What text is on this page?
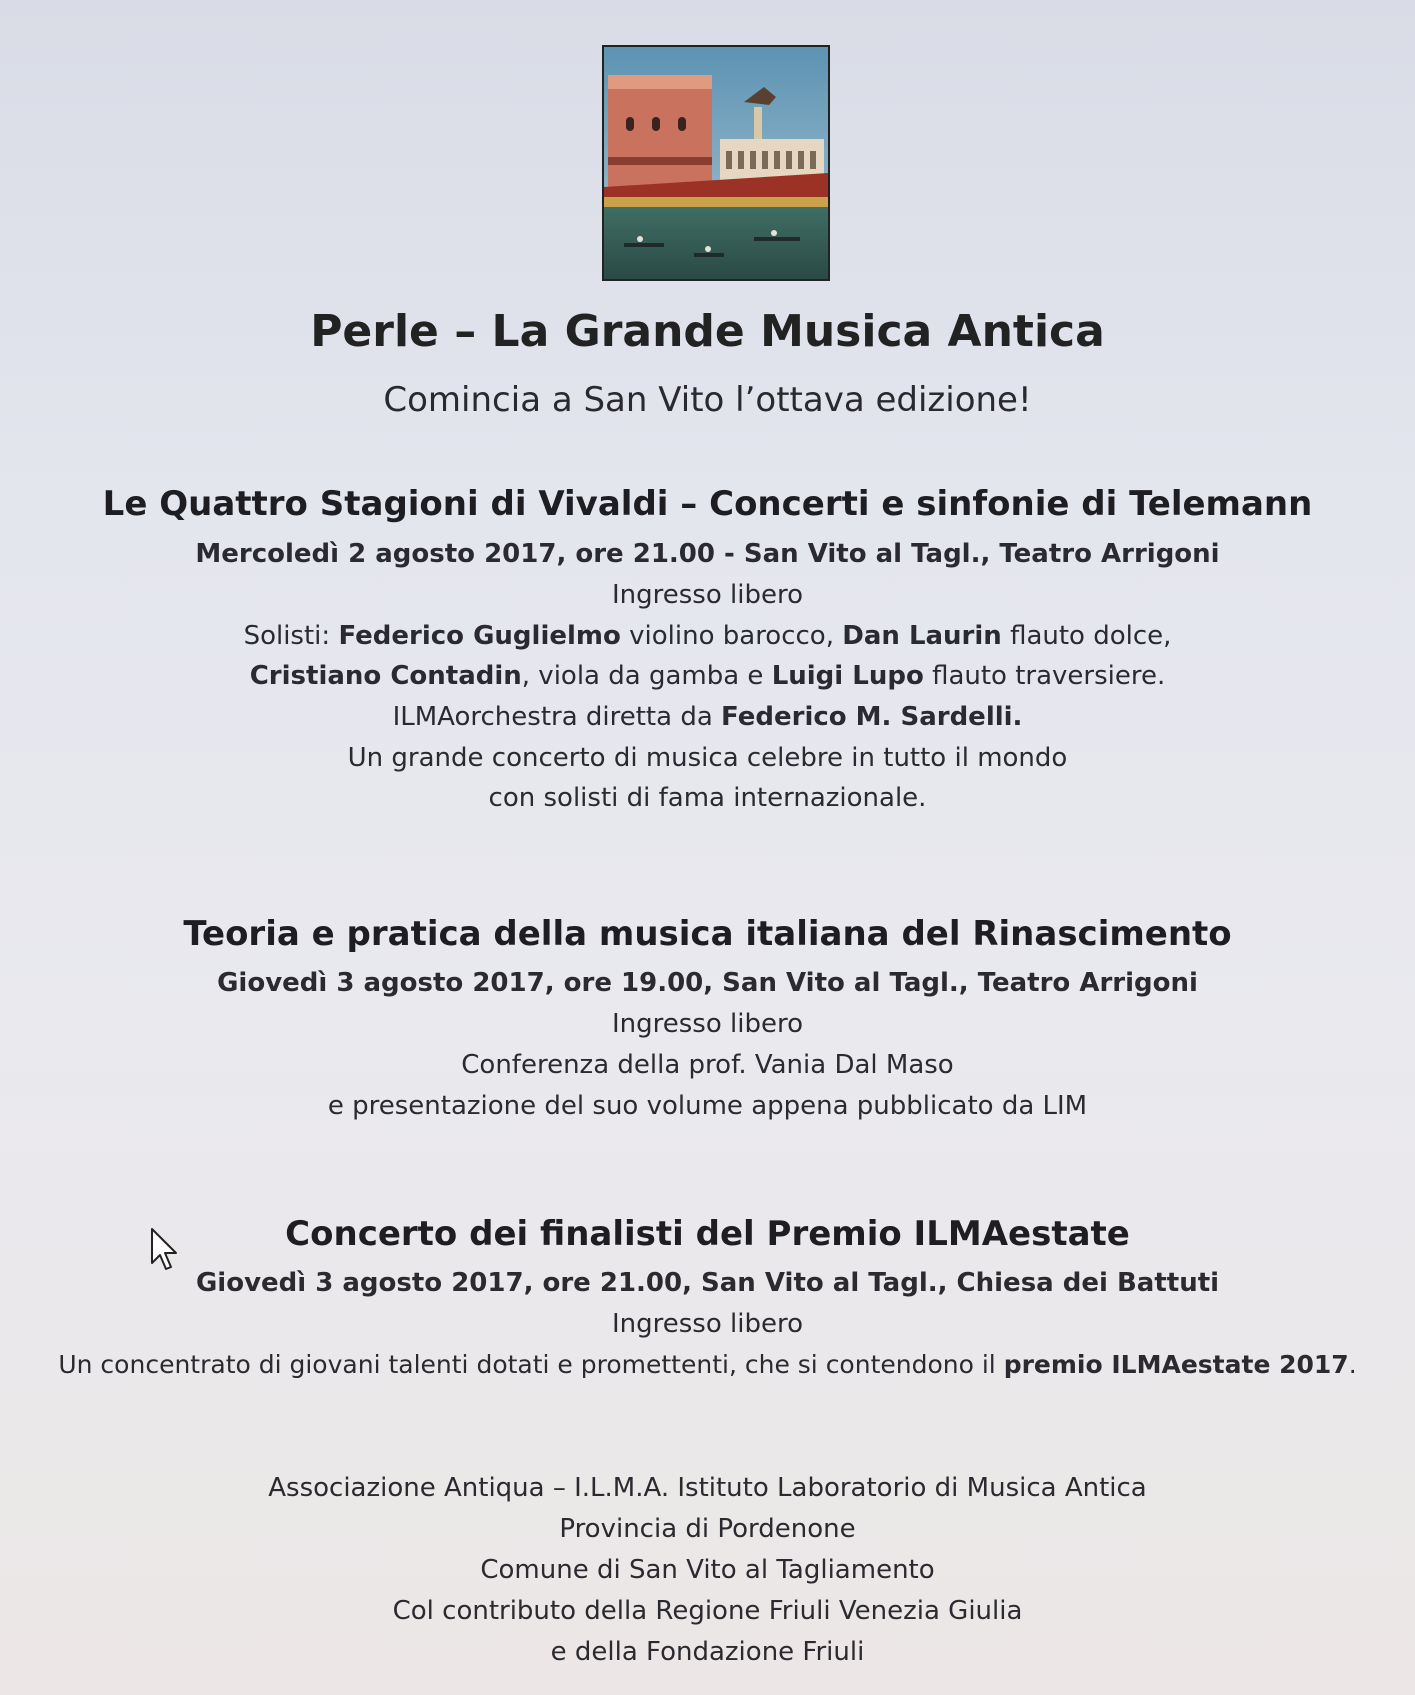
Perle – La Grande Musica Antica
Comincia a San Vito l’ottava edizione!
Le Quattro Stagioni di Vivaldi – Concerti e sinfonie di Telemann
Mercoledì 2 agosto 2017, ore 21.00 - San Vito al Tagl., Teatro Arrigoni
Ingresso libero
Solisti: Federico Guglielmo violino barocco, Dan Laurin flauto dolce,
Cristiano Contadin, viola da gamba e Luigi Lupo flauto traversiere.
ILMAorchestra diretta da Federico M. Sardelli.
Un grande concerto di musica celebre in tutto il mondo
con solisti di fama internazionale.
Teoria e pratica della musica italiana del Rinascimento
Giovedì 3 agosto 2017, ore 19.00, San Vito al Tagl., Teatro Arrigoni
Ingresso libero
Conferenza della prof. Vania Dal Maso
e presentazione del suo volume appena pubblicato da LIM
Concerto dei finalisti del Premio ILMAestate
Giovedì 3 agosto 2017, ore 21.00, San Vito al Tagl., Chiesa dei Battuti
Ingresso libero
Un concentrato di giovani talenti dotati e promettenti, che si contendono il premio ILMAestate 2017.
Associazione Antiqua – I.L.M.A. Istituto Laboratorio di Musica Antica
Provincia di Pordenone
Comune di San Vito al Tagliamento
Col contributo della Regione Friuli Venezia Giulia
e della Fondazione Friuli
